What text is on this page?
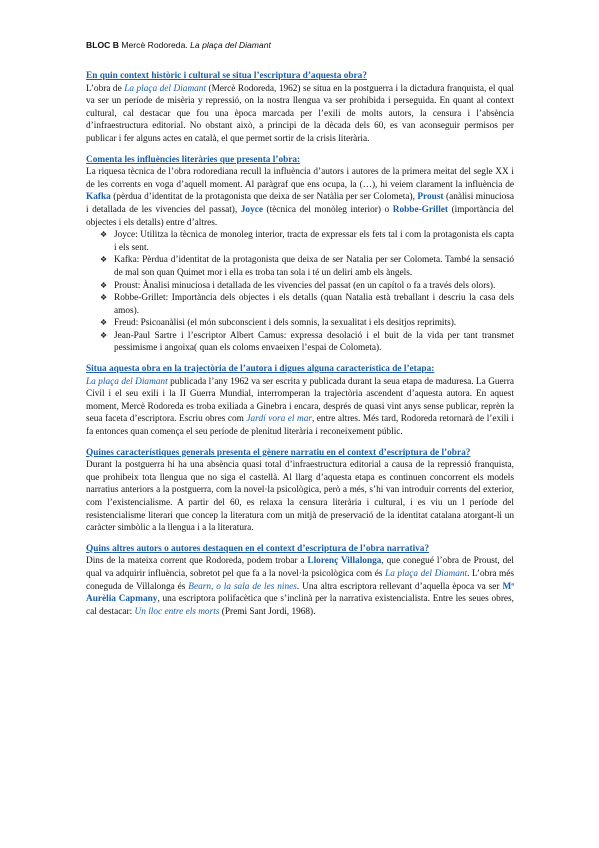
BLOC B Mercè Rodoreda. La plaça del Diamant

En quin context històric i cultural se situa l’escriptura d’aquesta obra?

L’obra de La plaça del Diamant (Mercè Rodoreda, 1962) se situa en la postguerra i la dictadura franquista, el qual va ser un període de misèria y repressió, on la nostra llengua va ser prohibida i perseguida. En quant al context cultural, cal destacar que fou una època marcada per l’exili de molts autors, la censura i l’absència d’infraestructura editorial. No obstant això, a principi de la dècada dels 60, es van aconseguir permisos per publicar i fer alguns actes en català, el que permet sortir de la crisis literària.

Comenta les influències literàries que presenta l’obra:

La riquesa tècnica de l’obra rodorediana recull la influència d’autors i autores de la primera meitat del segle XX i de les corrents en voga d’aquell moment. Al paràgraf que ens ocupa, la (…), hi veiem clarament la influència de Kafka (pèrdua d’identitat de la protagonista que deixa de ser Natàlia per ser Colometa), Proust (anàlisi minuciosa i detallada de les vivencies del passat), Joyce (tècnica del monòleg interior) o Robbe-Grillet (importància del objectes i els detalls) entre d’altres.

❖ Joyce: Utilitza la tècnica de monoleg interior, tracta de expressar els fets tal i com la protagonista els capta i els sent.
❖ Kafka: Pèrdua d’identitat de la protagonista que deixa de ser Natalia per ser Colometa. També la sensació de mal son quan Quimet mor i ella es troba tan sola i té un deliri amb els àngels.
❖ Proust: Ànalisi minuciosa i detallada de les vivencies del passat (en un capítol o fa a través dels olors).
❖ Robbe-Grillet: Importància dels objectes i els detalls (quan Natalia està treballant i descriu la casa dels amos).
❖ Freud: Psicoanàlisi (el món subconscient i dels somnis, la sexualitat i els desitjos reprimits).
❖ Jean-Paul Sartre i l’escriptor Albert Camus: expressa desolació i el buit de la vida per tant transmet pessimisme i angoixa( quan els coloms envaeixen l’espai de Colometa).

Situa aquesta obra en la trajectòria de l’autora i digues alguna característica de l’etapa:

La plaça del Diamant publicada l’any 1962 va ser escrita y publicada durant la seua etapa de maduresa. La Guerra Civil i el seu exili i la II Guerra Mundial, interromperan la trajectòria ascendent d’aquesta autora. En aquest moment, Mercè Rodoreda es troba exiliada a Ginebra i encara, després de quasi vint anys sense publicar, reprèn la seua faceta d’escriptora. Escriu obres com Jardí vora el mar, entre altres. Més tard, Rodoreda retornarà de l’exili i fa entonces quan comença el seu període de plenitud literària i reconeixement públic.

Quines característiques generals presenta el gènere narratiu en el context d’escriptura de l’obra?

Durant la postguerra hi ha una absència quasi total d’infraestructura editorial a causa de la repressió franquista, que prohibeix tota llengua que no siga el castellà. Al llarg d’aquesta etapa es continuen concorrent els models narratius anteriors a la postguerra, com la novel·la psicològica, però a més, s’hi van introduir corrents del exterior, com l’existencialisme. A partir del 60, es relaxa la censura literària i cultural, i es viu un l període del resistencialisme literari que concep la literatura com un mitjà de preservació de la identitat catalana atorgant-li un caràcter simbòlic a la llengua i a la literatura.

Quins altres autors o autores destaquen en el context d’escriptura de l’obra narrativa?

Dins de la mateixa corrent que Rodoreda, podem trobar a Llorenç Villalonga, que conegué l’obra de Proust, del qual va adquirir influència, sobretot pel que fa a la novel·la psicològica com és La plaça del Diamant. L’obra més coneguda de Villalonga és Bearn, o la sala de les nines. Una altra escriptora rellevant d’aquella època va ser Mª Aurèlia Capmany, una escriptora polifacètica que s’inclinà per la narrativa existencialista. Entre les seues obres, cal destacar: Un lloc entre els morts (Premi Sant Jordi, 1968).
